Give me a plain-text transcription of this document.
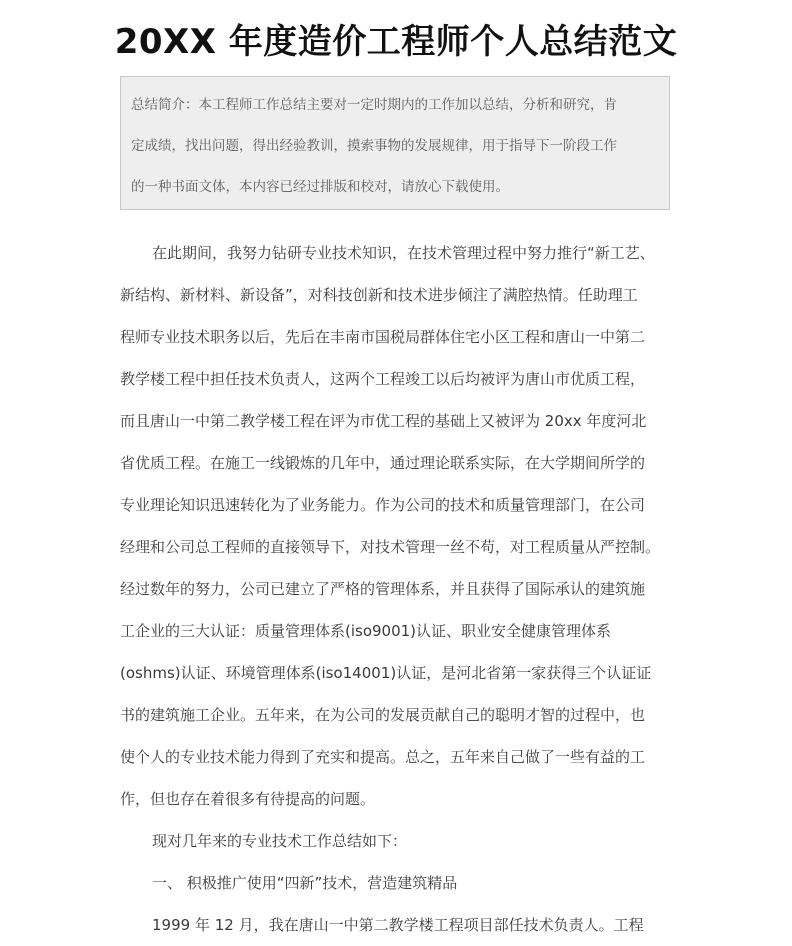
20XX 年度造价工程师个人总结范文
总结简介：本工程师工作总结主要对一定时期内的工作加以总结，分析和研究，肯
定成绩，找出问题，得出经验教训，摸索事物的发展规律，用于指导下一阶段工作
的一种书面文体，本内容已经过排版和校对，请放心下载使用。
在此期间，我努力钻研专业技术知识，在技术管理过程中努力推行“新工艺、
新结构、新材料、新设备”，对科技创新和技术进步倾注了满腔热情。任助理工
程师专业技术职务以后，先后在丰南市国税局群体住宅小区工程和唐山一中第二
教学楼工程中担任技术负责人，这两个工程竣工以后均被评为唐山市优质工程，
而且唐山一中第二教学楼工程在评为市优工程的基础上又被评为 20xx 年度河北
省优质工程。在施工一线锻炼的几年中，通过理论联系实际，在大学期间所学的
专业理论知识迅速转化为了业务能力。作为公司的技术和质量管理部门，在公司
经理和公司总工程师的直接领导下，对技术管理一丝不苟，对工程质量从严控制。
经过数年的努力，公司已建立了严格的管理体系，并且获得了国际承认的建筑施
工企业的三大认证：质量管理体系(iso9001)认证、职业安全健康管理体系
(oshms)认证、环境管理体系(iso14001)认证，是河北省第一家获得三个认证证
书的建筑施工企业。五年来，在为公司的发展贡献自己的聪明才智的过程中，也
使个人的专业技术能力得到了充实和提高。总之，五年来自己做了一些有益的工
作，但也存在着很多有待提高的问题。
现对几年来的专业技术工作总结如下：
一、 积极推广使用“四新”技术，营造建筑精品
1999 年 12 月，我在唐山一中第二教学楼工程项目部任技术负责人。工程
